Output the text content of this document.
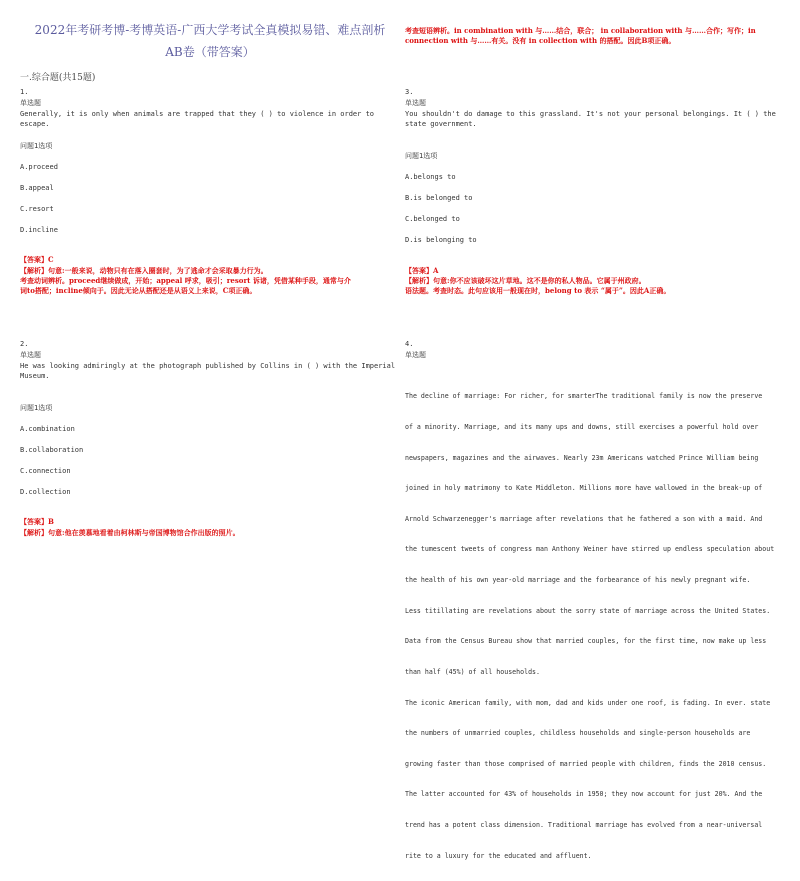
2022年考研考博-考博英语-广西大学考试全真模拟易错、难点剖析
AB卷（带答案）
一.综合题(共15题)
1.
单选题
Generally, it is only when animals are trapped that they ( ) to violence in order to escape.
问题1选项
A.proceed
B.appeal
C.resort
D.incline
【答案】C
【解析】句意:一般来说，动物只有在落入圈套时，为了逃命才会采取暴力行为。
考查动词辨析。proceed继续做成，开始；appeal 呼求，吸引；resort 诉诸，凭借某种手段，通常与介
词to搭配；incline倾向于。因此无论从搭配还是从语义上来说，C项正确。
2.
单选题
He was looking admiringly at the photograph published by Collins in ( ) with the Imperial
Museum.
问题1选项
A.combination
B.collaboration
C.connection
D.collection
【答案】B
【解析】句意:他在羡慕地看着由柯林斯与帝国博物馆合作出版的照片。
考查短语辨析。in combination with 与……结合，联合； in collaboration with 与……合作；写作；in
connection with 与……有关。没有 in collection with 的搭配。因此B项正确。
3.
单选题
You shouldn't do damage to this grassland. It's not your personal belongings. It ( ) the
state government.
问题1选项
A.belongs to
B.is belonged to
C.belonged to
D.is belonging to
【答案】A
【解析】句意:你不应该破坏这片草地。这不是你的私人物品。它属于州政府。
语法题。考查时态。此句应该用一般现在时，belong to 表示 “属于”。因此A正确。
4.
单选题

The decline of marriage: For richer, for smarterThe traditional family is now the preserve

of a minority. Marriage, and its many ups and downs, still exercises a powerful hold over

newspapers, magazines and the airwaves. Nearly 23m Americans watched Prince William being

joined in holy matrimony to Kate Middleton. Millions more have wallowed in the break-up of

Arnold Schwarzenegger's marriage after revelations that he fathered a son with a maid. And

the tumescent tweets of congress man Anthony Weiner have stirred up endless speculation about

the health of his own year-old marriage and the forbearance of his newly pregnant wife.

Less titillating are revelations about the sorry state of marriage across the United States.

Data from the Census Bureau show that married couples, for the first time, now make up less

than half (45%) of all households.

The iconic American family, with mom, dad and kids under one roof, is fading. In ever. state

the numbers of unmarried couples, childless households and single-person households are

growing faster than those comprised of married people with children, finds the 2010 census.

The latter accounted for 43% of households in 1950; they now account for just 20%. And the

trend has a potent class dimension. Traditional marriage has evolved from a near-universal

rite to a luxury for the educated and affluent.
